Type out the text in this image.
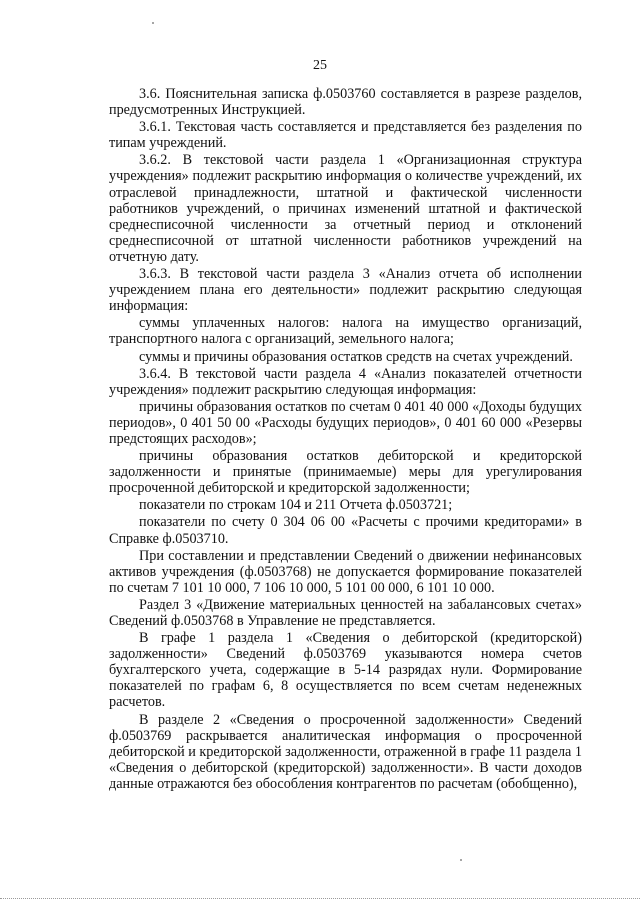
25

3.6. Пояснительная записка ф.0503760 составляется в разрезе разделов, предусмотренных Инструкцией.

3.6.1. Текстовая часть составляется и представляется без разделения по типам учреждений.

3.6.2. В текстовой части раздела 1 «Организационная структура учреждения» подлежит раскрытию информация о количестве учреждений, их отраслевой принадлежности, штатной и фактической численности работников учреждений, о причинах изменений штатной и фактической среднесписочной численности за отчетный период и отклонений среднесписочной от штатной численности работников учреждений на отчетную дату.

3.6.3. В текстовой части раздела 3 «Анализ отчета об исполнении учреждением плана его деятельности» подлежит раскрытию следующая информация:

суммы уплаченных налогов: налога на имущество организаций, транспортного налога с организаций, земельного налога;

суммы и причины образования остатков средств на счетах учреждений.

3.6.4. В текстовой части раздела 4 «Анализ показателей отчетности учреждения» подлежит раскрытию следующая информация:

причины образования остатков по счетам 0 401 40 000 «Доходы будущих периодов», 0 401 50 00 «Расходы будущих периодов», 0 401 60 000 «Резервы предстоящих расходов»;

причины образования остатков дебиторской и кредиторской задолженности и принятые (принимаемые) меры для урегулирования просроченной дебиторской и кредиторской задолженности;

показатели по строкам 104 и 211 Отчета ф.0503721;

показатели по счету 0 304 06 00 «Расчеты с прочими кредиторами» в Справке ф.0503710.

При составлении и представлении Сведений о движении нефинансовых активов учреждения (ф.0503768) не допускается формирование показателей по счетам 7 101 10 000, 7 106 10 000, 5 101 00 000, 6 101 10 000.

Раздел 3 «Движение материальных ценностей на забалансовых счетах» Сведений ф.0503768 в Управление не представляется.

В графе 1 раздела 1 «Сведения о дебиторской (кредиторской) задолженности» Сведений ф.0503769 указываются номера счетов бухгалтерского учета, содержащие в 5-14 разрядах нули. Формирование показателей по графам 6, 8 осуществляется по всем счетам неденежных расчетов.

В разделе 2 «Сведения о просроченной задолженности» Сведений ф.0503769 раскрывается аналитическая информация о просроченной дебиторской и кредиторской задолженности, отраженной в графе 11 раздела 1 «Сведения о дебиторской (кредиторской) задолженности». В части доходов данные отражаются без обособления контрагентов по расчетам (обобщенно),
